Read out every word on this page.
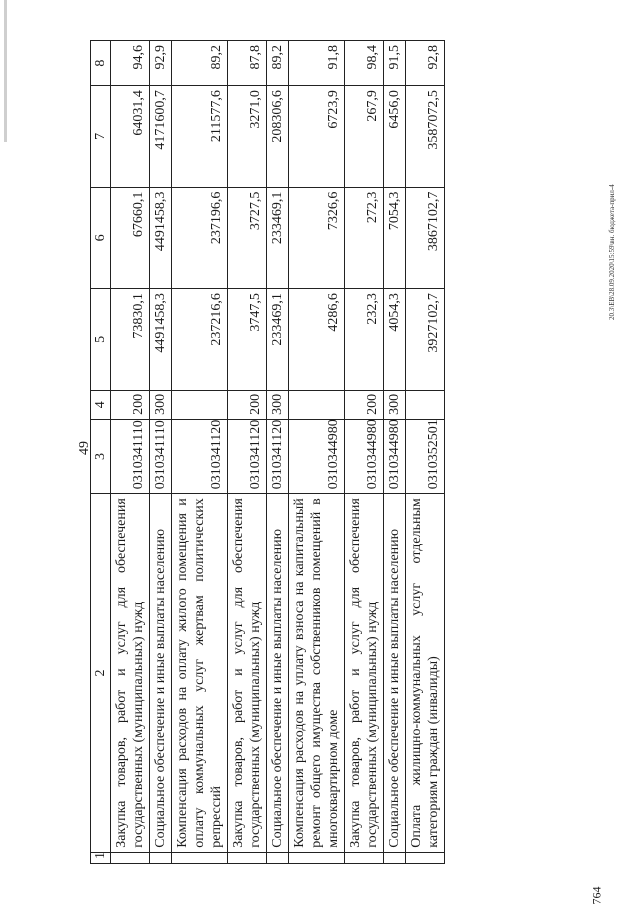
49
20.3\ЕВ\28.09.2020\15:59\вн. бюджета-прил-4
764
1	2	3	4	5	6	7	8
	Закупка товаров, работ и услуг для обеспечения государственных (муниципальных) нужд	0310341110	200	73830,1	67660,1	64031,4	94,6
	Социальное обеспечение и иные выплаты населению	0310341110	300	4491458,3	4491458,3	4171600,7	92,9
	Компенсация расходов на оплату жилого помещения и оплату коммунальных услуг жертвам политических репрессий	0310341120		237216,6	237196,6	211577,6	89,2
	Закупка товаров, работ и услуг для обеспечения государственных (муниципальных) нужд	0310341120	200	3747,5	3727,5	3271,0	87,8
	Социальное обеспечение и иные выплаты населению	0310341120	300	233469,1	233469,1	208306,6	89,2
	Компенсация расходов на уплату взноса на капитальный ремонт общего имущества собственников помещений в многоквартирном доме	0310344980		4286,6	7326,6	6723,9	91,8
	Закупка товаров, работ и услуг для обеспечения государственных (муниципальных) нужд	0310344980	200	232,3	272,3	267,9	98,4
	Социальное обеспечение и иные выплаты населению	0310344980	300	4054,3	7054,3	6456,0	91,5
	Оплата жилищно-коммунальных услуг отдельным категориям граждан (инвалиды)	0310352501		3927102,7	3867102,7	3587072,5	92,8
